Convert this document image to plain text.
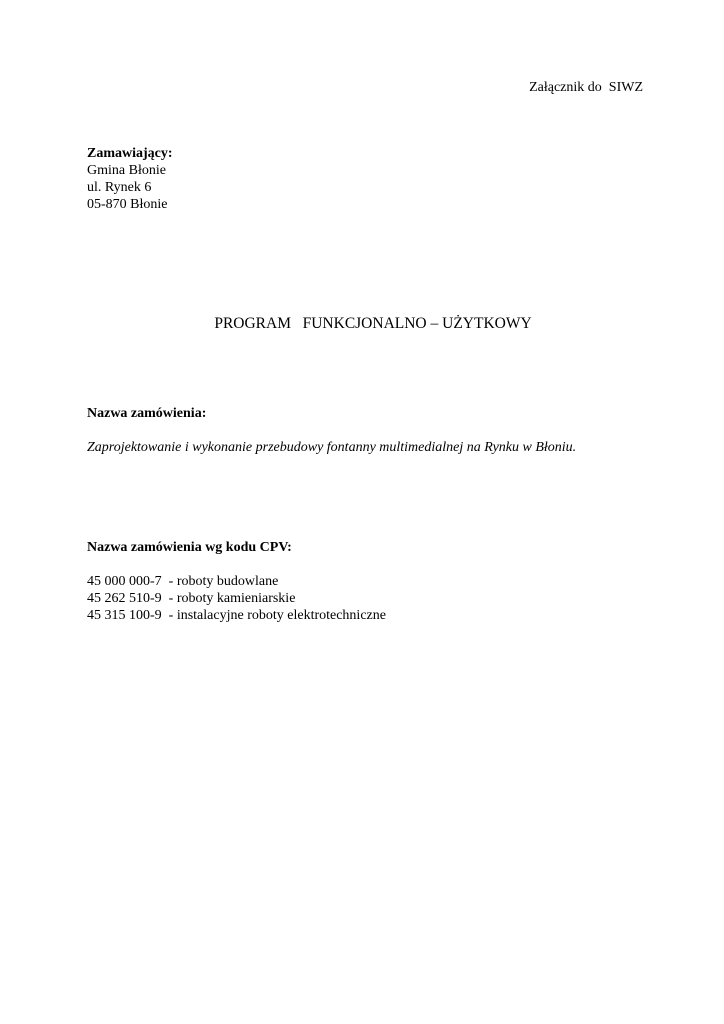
Załącznik do  SIWZ
Zamawiający:
Gmina Błonie
ul. Rynek 6
05-870 Błonie
PROGRAM   FUNKCJONALNO – UŻYTKOWY
Nazwa zamówienia:
Zaprojektowanie i wykonanie przebudowy fontanny multimedialnej na Rynku w Błoniu.
Nazwa zamówienia wg kodu CPV:
45 000 000-7 - roboty budowlane
45 262 510-9 - roboty kamieniarskie
45 315 100-9 - instalacyjne roboty elektrotechniczne
